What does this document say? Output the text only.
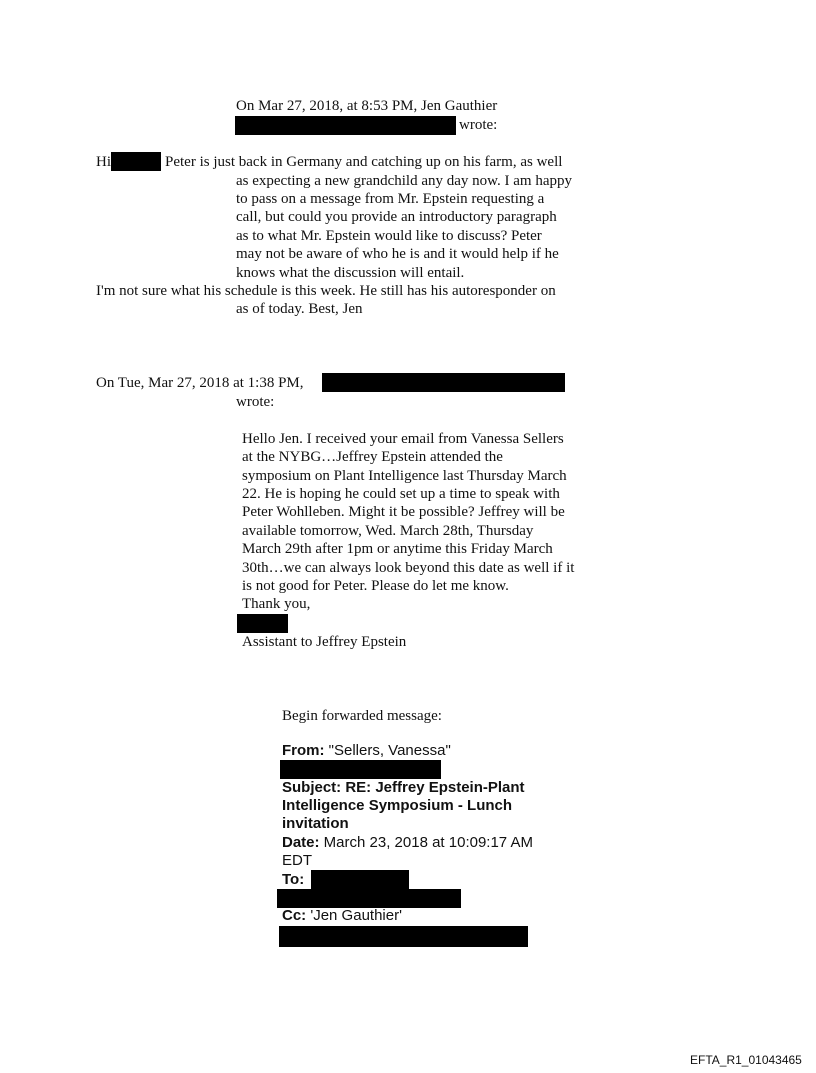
On Mar 27, 2018, at 8:53 PM, Jen Gauthier
wrote:
Hi	Peter is just back in Germany and catching up on his farm, as well
as expecting a new grandchild any day now. I am happy
to pass on a message from Mr. Epstein requesting a
call, but could you provide an introductory paragraph
as to what Mr. Epstein would like to discuss? Peter
may not be aware of who he is and it would help if he
knows what the discussion will entail.
I'm not sure what his schedule is this week. He still has his autoresponder on
as of today. Best, Jen
On Tue, Mar 27, 2018 at 1:38 PM,
wrote:
Hello Jen. I received your email from Vanessa Sellers
at the NYBG…Jeffrey Epstein attended the
symposium on Plant Intelligence last Thursday March
22. He is hoping he could set up a time to speak with
Peter Wohlleben. Might it be possible? Jeffrey will be
available tomorrow, Wed. March 28th, Thursday
March 29th after 1pm or anytime this Friday March
30th…we can always look beyond this date as well if it
is not good for Peter. Please do let me know.
Thank you,
Assistant to Jeffrey Epstein
Begin forwarded message:
From: "Sellers, Vanessa"
Subject: RE: Jeffrey Epstein-Plant
Intelligence Symposium - Lunch
invitation
Date: March 23, 2018 at 10:09:17 AM
EDT
To:
Cc: 'Jen Gauthier'
EFTA_R1_01043465
